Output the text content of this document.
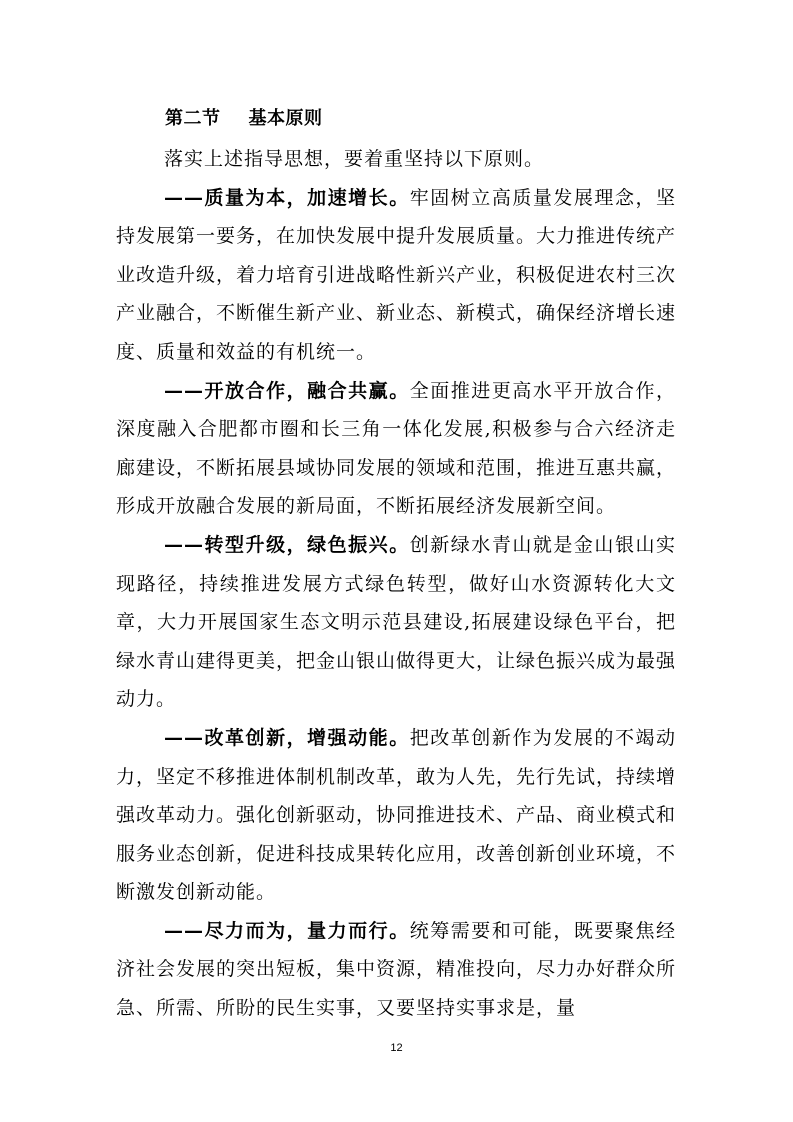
第二节 基本原则

落实上述指导思想，要着重坚持以下原则。

——质量为本，加速增长。牢固树立高质量发展理念，坚持发展第一要务，在加快发展中提升发展质量。大力推进传统产业改造升级，着力培育引进战略性新兴产业，积极促进农村三次产业融合，不断催生新产业、新业态、新模式，确保经济增长速度、质量和效益的有机统一。

——开放合作，融合共赢。全面推进更高水平开放合作，深度融入合肥都市圈和长三角一体化发展,积极参与合六经济走廊建设，不断拓展县域协同发展的领域和范围，推进互惠共赢，形成开放融合发展的新局面，不断拓展经济发展新空间。

——转型升级，绿色振兴。创新绿水青山就是金山银山实现路径，持续推进发展方式绿色转型，做好山水资源转化大文章，大力开展国家生态文明示范县建设,拓展建设绿色平台，把绿水青山建得更美，把金山银山做得更大，让绿色振兴成为最强动力。

——改革创新，增强动能。把改革创新作为发展的不竭动力，坚定不移推进体制机制改革，敢为人先，先行先试，持续增强改革动力。强化创新驱动，协同推进技术、产品、商业模式和服务业态创新，促进科技成果转化应用，改善创新创业环境，不断激发创新动能。

——尽力而为，量力而行。统筹需要和可能，既要聚焦经济社会发展的突出短板，集中资源，精准投向，尽力办好群众所急、所需、所盼的民生实事，又要坚持实事求是，量

12
